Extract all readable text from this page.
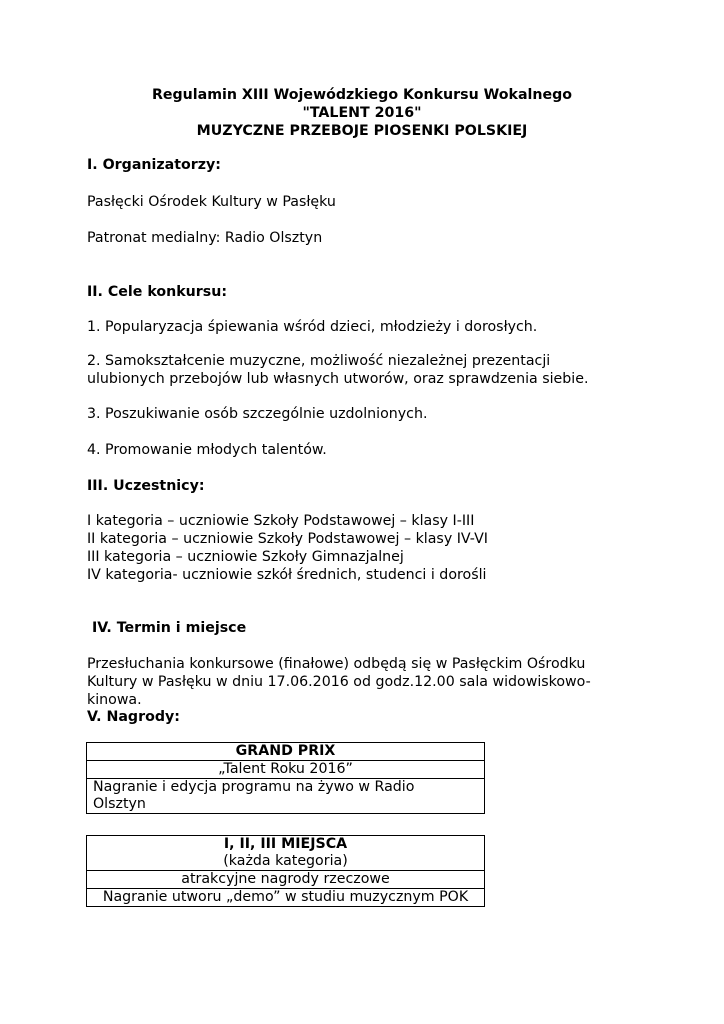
Regulamin XIII Wojewódzkiego Konkursu Wokalnego
"TALENT 2016"
MUZYCZNE PRZEBOJE PIOSENKI POLSKIEJ
I. Organizatorzy:
Pasłęcki Ośrodek Kultury w Pasłęku
Patronat medialny: Radio Olsztyn
II. Cele konkursu:
1. Popularyzacja śpiewania wśród dzieci, młodzieży i dorosłych.
2. Samokształcenie muzyczne, możliwość niezależnej prezentacji
ulubionych przebojów lub własnych utworów, oraz sprawdzenia siebie.
3. Poszukiwanie osób szczególnie uzdolnionych.
4. Promowanie młodych talentów.
III. Uczestnicy:
I kategoria – uczniowie Szkoły Podstawowej – klasy I-III
II kategoria – uczniowie Szkoły Podstawowej – klasy IV-VI
III kategoria – uczniowie Szkoły Gimnazjalnej
IV kategoria- uczniowie szkół średnich, studenci i dorośli
IV. Termin i miejsce
Przesłuchania konkursowe (finałowe) odbędą się w Pasłęckim Ośrodku
Kultury w Pasłęku w dniu 17.06.2016 od godz.12.00 sala widowiskowo-
kinowa.
V. Nagrody:
GRAND PRIX
„Talent Roku 2016”

Nagranie i edycja programu na żywo w Radio
Olsztyn
I, II, III MIEJSCA
(każda kategoria)

atrakcyjne nagrody rzeczowe
Nagranie utworu „demo” w studiu muzycznym POK
